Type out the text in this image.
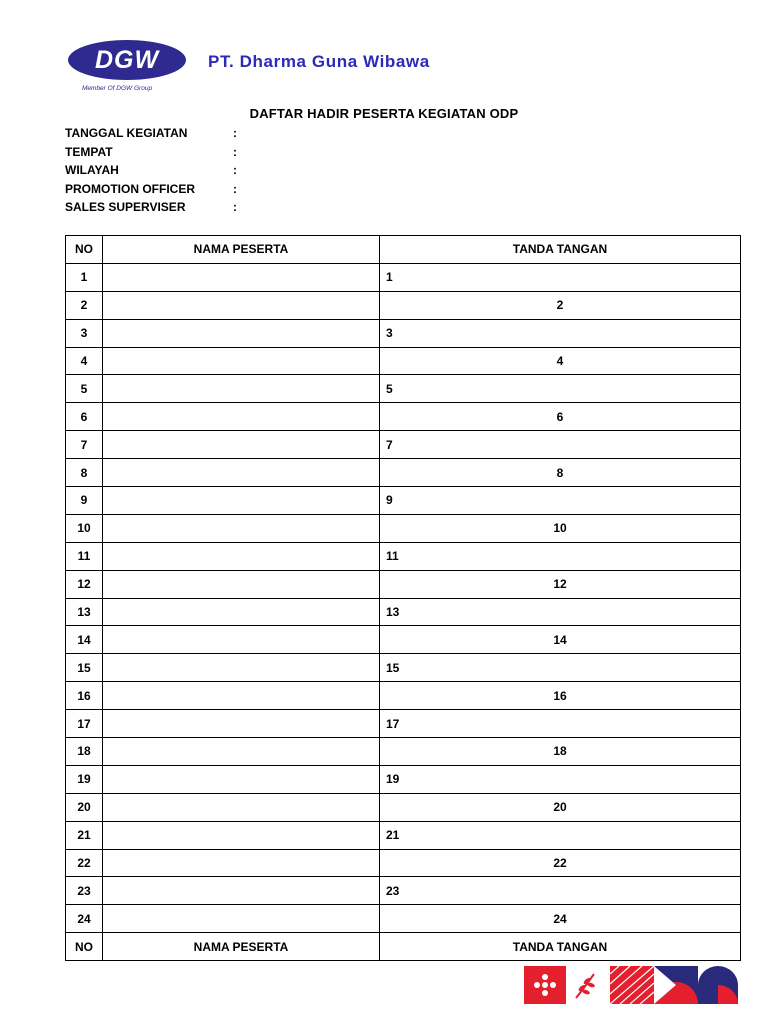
DGW
Member Of DGW Group
PT. Dharma Guna Wibawa
DAFTAR HADIR PESERTA KEGIATAN ODP
TANGGAL KEGIATAN	:
TEMPAT	:
WILAYAH	:
PROMOTION OFFICER	:
SALES SUPERVISER	:
NO	NAMA PESERTA	TANDA TANGAN
1		1
2		2
3		3
4		4
5		5
6		6
7		7
8		8
9		9
10		10
11		11
12		12
13		13
14		14
15		15
16		16
17		17
18		18
19		19
20		20
21		21
22		22
23		23
24		24
NO	NAMA PESERTA	TANDA TANGAN
